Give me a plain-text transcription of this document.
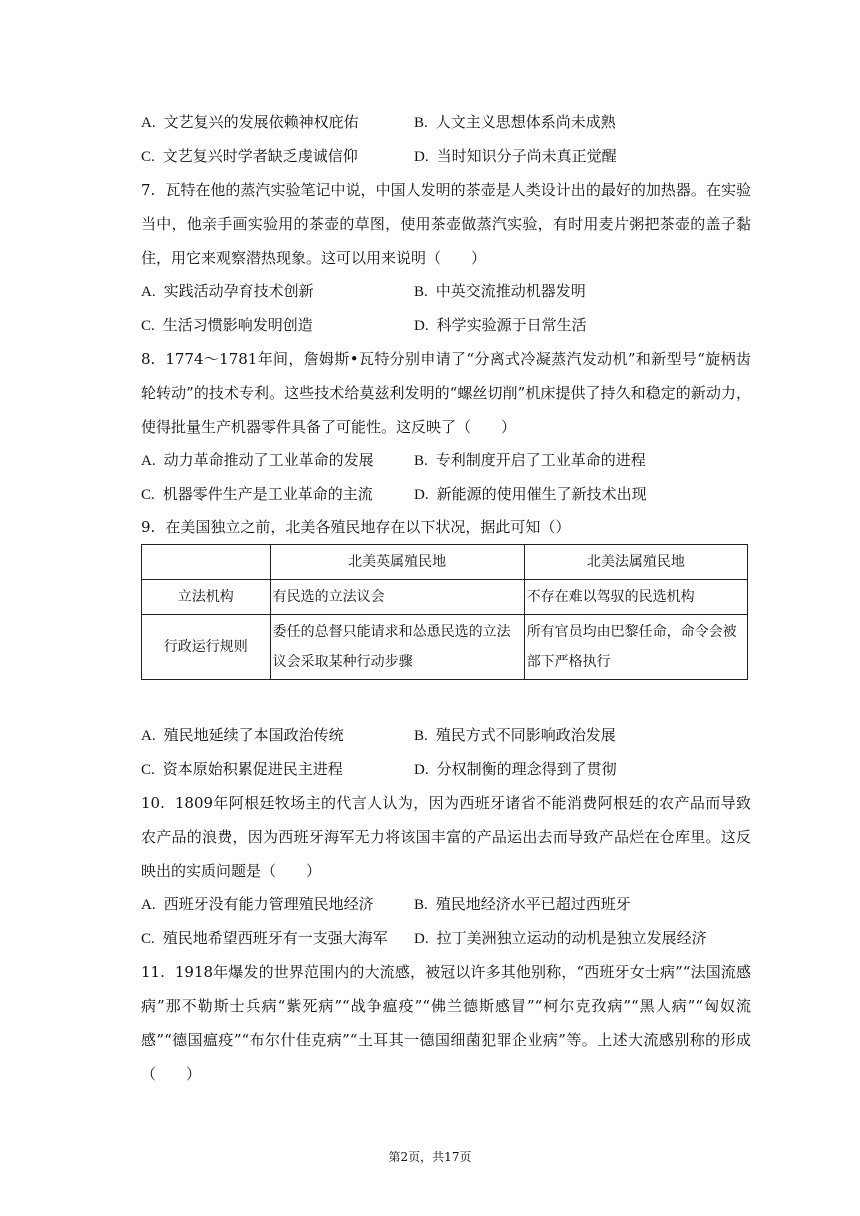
A. 文艺复兴的发展依赖神权庇佑	B. 人文主义思想体系尚未成熟
C. 文艺复兴时学者缺乏虔诚信仰	D. 当时知识分子尚未真正觉醒
7. 瓦特在他的蒸汽实验笔记中说，中国人发明的茶壶是人类设计出的最好的加热器。在实验当中，他亲手画实验用的茶壶的草图，使用茶壶做蒸汽实验，有时用麦片粥把茶壶的盖子黏住，用它来观察潜热现象。这可以用来说明（　　）
A. 实践活动孕育技术创新	B. 中英交流推动机器发明
C. 生活习惯影响发明创造	D. 科学实验源于日常生活
8. 1774～1781年间，詹姆斯•瓦特分别申请了“分离式冷凝蒸汽发动机”和新型号“旋柄齿轮转动”的技术专利。这些技术给莫兹利发明的“螺丝切削”机床提供了持久和稳定的新动力，使得批量生产机器零件具备了可能性。这反映了（　　）
A. 动力革命推动了工业革命的发展	B. 专利制度开启了工业革命的进程
C. 机器零件生产是工业革命的主流	D. 新能源的使用催生了新技术出现
9. 在美国独立之前，北美各殖民地存在以下状况，据此可知（）
	北美英属殖民地	北美法属殖民地
立法机构	有民选的立法议会	不存在难以驾驭的民选机构
行政运行规则	委任的总督只能请求和怂恿民选的立法议会采取某种行动步骤	所有官员均由巴黎任命，命令会被部下严格执行
A. 殖民地延续了本国政治传统	B. 殖民方式不同影响政治发展
C. 资本原始积累促进民主进程	D. 分权制衡的理念得到了贯彻
10. 1809年阿根廷牧场主的代言人认为，因为西班牙诸省不能消费阿根廷的农产品而导致农产品的浪费，因为西班牙海军无力将该国丰富的产品运出去而导致产品烂在仓库里。这反映出的实质问题是（　　）
A. 西班牙没有能力管理殖民地经济	B. 殖民地经济水平已超过西班牙
C. 殖民地希望西班牙有一支强大海军 D. 拉丁美洲独立运动的动机是独立发展经济
11. 1918年爆发的世界范围内的大流感，被冠以许多其他别称，“西班牙女士病”“法国流感病”那不勒斯士兵病“紫死病”“战争瘟疫”“佛兰德斯感冒”“柯尔克孜病”“黑人病”“匈奴流感”“德国瘟疫”“布尔什佳克病”“土耳其一德国细菌犯罪企业病”等。上述大流感别称的形成（　　）
第2页，共17页
